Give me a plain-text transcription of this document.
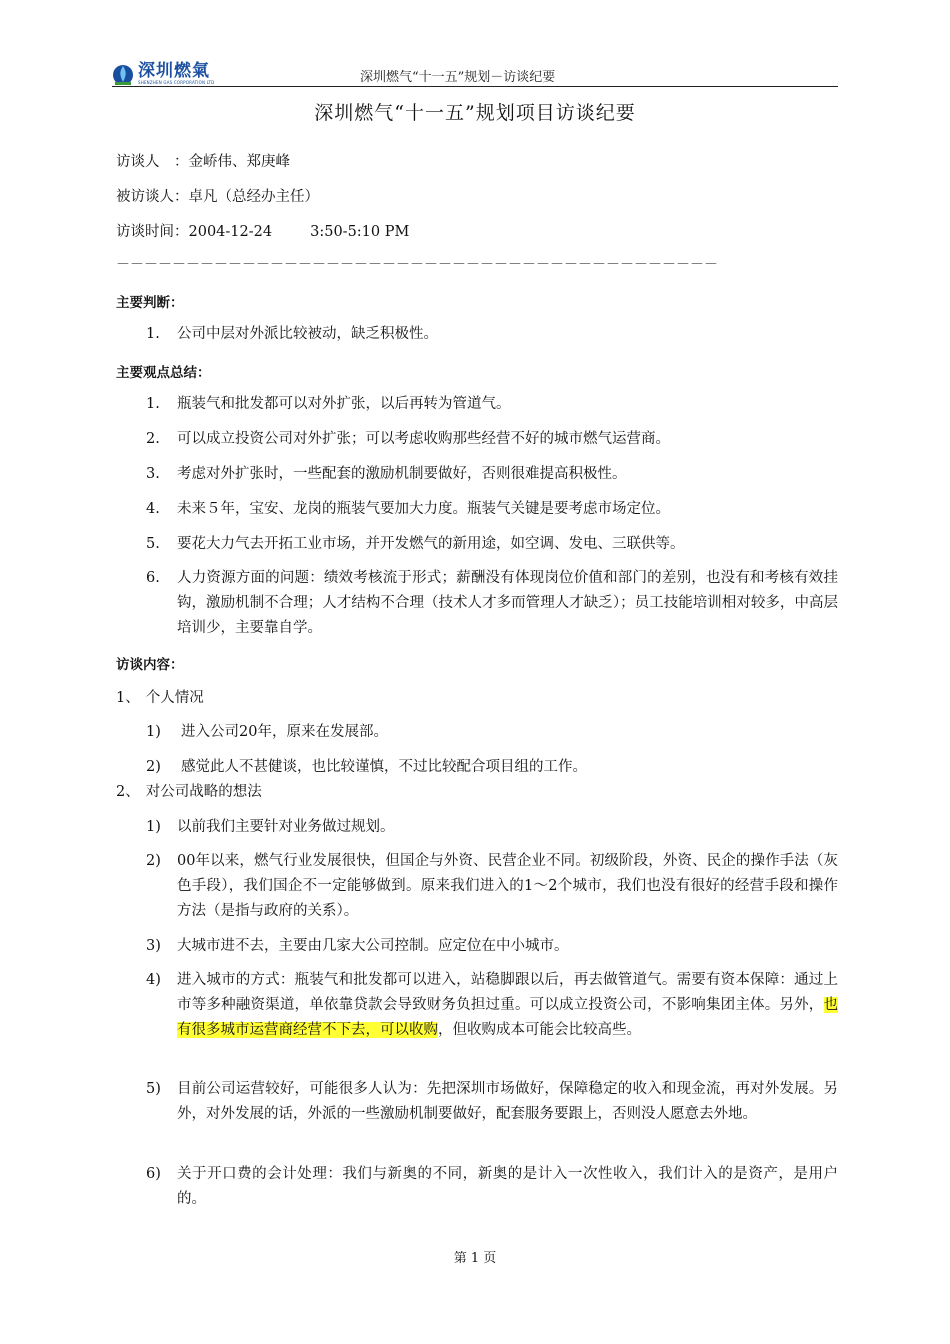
深圳燃氣
SHENZHEN GAS CORPORATION LTD	深圳燃气“十一五”规划－访谈纪要
深圳燃气“十一五”规划项目访谈纪要
访谈人　：金峤伟、郑庚峰
被访谈人：卓凡（总经办主任）
访谈时间：2004-12-24	3:50-5:10 PM
－－－－－－－－－－－－－－－－－－－－－－－－－－－－－－－－－－－－－－－－－－－
主要判断：
1. 公司中层对外派比较被动，缺乏积极性。
主要观点总结：
1. 瓶装气和批发都可以对外扩张，以后再转为管道气。
2. 可以成立投资公司对外扩张；可以考虑收购那些经营不好的城市燃气运营商。
3. 考虑对外扩张时，一些配套的激励机制要做好，否则很难提高积极性。
4. 未来５年，宝安、龙岗的瓶装气要加大力度。瓶装气关键是要考虑市场定位。
5. 要花大力气去开拓工业市场，并开发燃气的新用途，如空调、发电、三联供等。
6. 人力资源方面的问题：绩效考核流于形式；薪酬没有体现岗位价值和部门的差别，也没有和考核有效挂钩，激励机制不合理；人才结构不合理（技术人才多而管理人才缺乏）；员工技能培训相对较多，中高层培训少，主要靠自学。
访谈内容：
1、 个人情况
1) 进入公司20年，原来在发展部。
2) 感觉此人不甚健谈，也比较谨慎，不过比较配合项目组的工作。
2、 对公司战略的想法
1) 以前我们主要针对业务做过规划。
2) 00年以来，燃气行业发展很快，但国企与外资、民营企业不同。初级阶段，外资、民企的操作手法（灰色手段），我们国企不一定能够做到。原来我们进入的1～2个城市，我们也没有很好的经营手段和操作方法（是指与政府的关系）。
3) 大城市进不去，主要由几家大公司控制。应定位在中小城市。
4) 进入城市的方式：瓶装气和批发都可以进入，站稳脚跟以后，再去做管道气。需要有资本保障：通过上市等多种融资渠道，单依靠贷款会导致财务负担过重。可以成立投资公司，不影响集团主体。另外，也有很多城市运营商经营不下去，可以收购，但收购成本可能会比较高些。
5) 目前公司运营较好，可能很多人认为：先把深圳市场做好，保障稳定的收入和现金流，再对外发展。另外，对外发展的话，外派的一些激励机制要做好，配套服务要跟上，否则没人愿意去外地。
6) 关于开口费的会计处理：我们与新奥的不同，新奥的是计入一次性收入，我们计入的是资产，是用户的。
第 1 页
